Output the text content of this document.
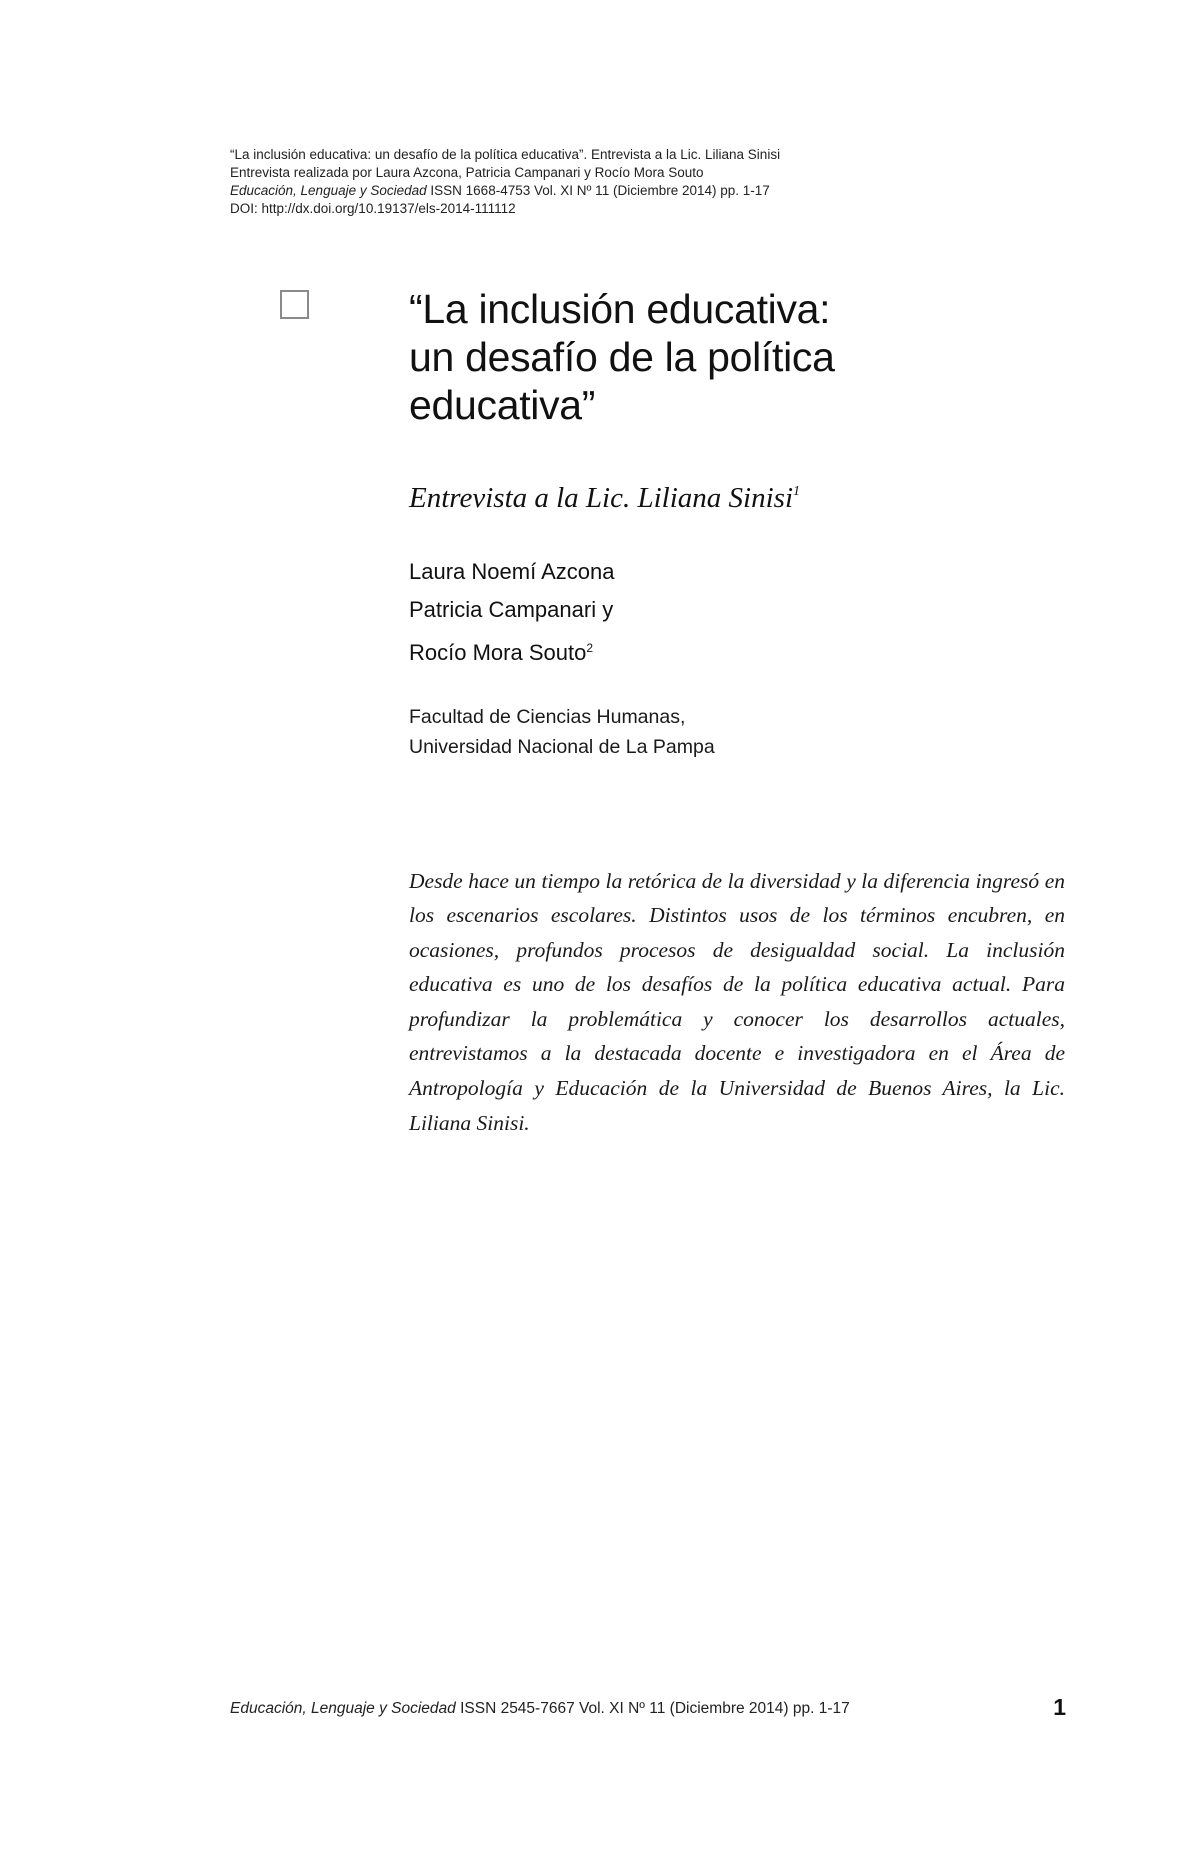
“La inclusión educativa: un desafío de la política educativa”. Entrevista a la Lic. Liliana Sinisi
Entrevista realizada por Laura Azcona, Patricia Campanari y Rocío Mora Souto
Educación, Lenguaje y Sociedad ISSN 1668-4753 Vol. XI Nº 11 (Diciembre 2014) pp. 1-17
DOI: http://dx.doi.org/10.19137/els-2014-111112
“La inclusión educativa:
un desafío de la política
educativa”
Entrevista a la Lic. Liliana Sinisi$^1$
Laura Noemí Azcona
Patricia Campanari y
Rocío Mora Souto$^2$
Facultad de Ciencias Humanas,
Universidad Nacional de La Pampa

Desde hace un tiempo la retórica de la diversidad y la diferencia ingresó en los escenarios escolares. Distintos usos de los términos encubren, en ocasiones, profundos procesos de desigualdad social. La inclusión educativa es uno de los desafíos de la política educativa actual. Para profundizar la problemática y conocer los desarrollos actuales, entrevistamos a la destacada docente e investigadora en el Área de Antropología y Educación de la Universidad de Buenos Aires, la Lic. Liliana Sinisi.

Educación, Lenguaje y Sociedad ISSN 2545-7667 Vol. XI Nº 11 (Diciembre 2014) pp. 1-17	1
